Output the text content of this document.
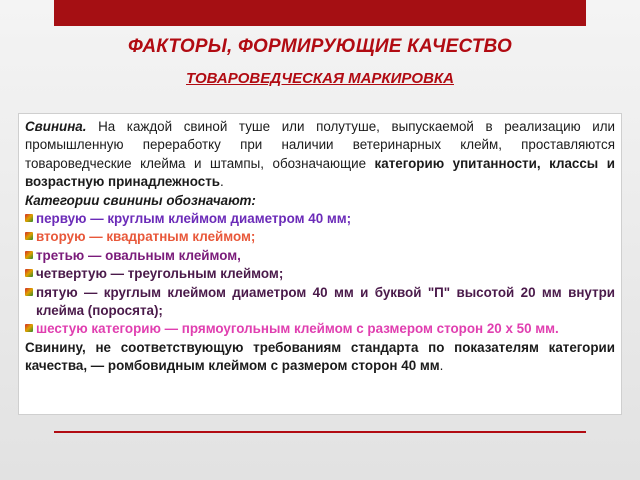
ФАКТОРЫ, ФОРМИРУЮЩИЕ КАЧЕСТВО
ТОВАРОВЕДЧЕСКАЯ МАРКИРОВКА

Свинина. На каждой свиной туше или полутуше, выпускаемой в реализацию или промышленную переработку при наличии ветеринарных клейм, проставляются товароведческие клейма и штампы, обозначающие категорию упитанности, классы и возрастную принадлежность.

Категории свинины обозначают:

первую — круглым клеймом диаметром 40 мм;
вторую — квадратным клеймом;
третью — овальным клеймом,
четвертую — треугольным клеймом;
пятую — круглым клеймом диаметром 40 мм и буквой "П" высотой 20 мм внутри клейма (поросята);
шестую категорию — прямоугольным клеймом с размером сторон 20 х 50 мм.

Свинину, не соответствующую требованиям стандарта по показателям категории качества, — ромбовидным клеймом с размером сторон 40 мм.
